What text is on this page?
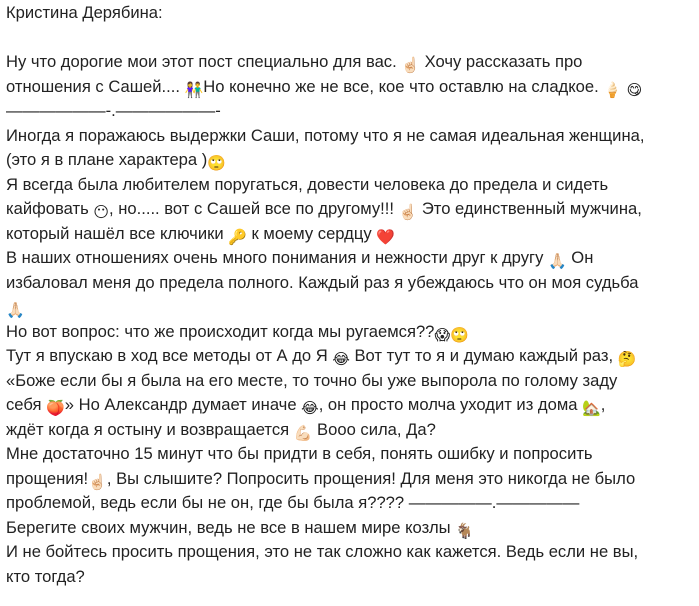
Кристина Дерябина:

Ну что дорогие мои этот пост специально для вас. ☝🏻 Хочу рассказать про

отношения с Сашей.... 👫Но конечно же не все, кое что оставлю на сладкое. 🍦 😋

——————-.——————-

Иногда я поражаюсь выдержки Саши, потому что я не самая идеальная женщина,

(это я в плане характера )🙄

Я всегда была любителем поругаться, довести человека до предела и сидеть

кайфовать 😶, но..... вот с Сашей все по другому!!! ☝🏻 Это единственный мужчина,

который нашёл все ключики 🔑 к моему сердцу ❤️

В наших отношениях очень много понимания и нежности друг к другу 🙏🏻 Он

избаловал меня до предела полного. Каждый раз я убеждаюсь что он моя судьба

🙏🏻

Но вот вопрос: что же происходит когда мы ругаемся??😱🙄

Тут я впускаю в ход все методы от А до Я 😂 Вот тут то я и думаю каждый раз, 🤔

«Боже если бы я была на его месте, то точно бы уже выпорола по голому заду

себя 🍑» Но Александр думает иначе 😂, он просто молча уходит из дома 🏡,

ждёт когда я остыну и возвращается 💪🏻 Вооо сила, Да?

Мне достаточно 15 минут что бы придти в себя, понять ошибку и попросить

прощения!☝🏻, Вы слышите? Попросить прощения! Для меня это никогда не было

проблемой, ведь если бы не он, где бы была я???? —————.—————

Берегите своих мужчин, ведь не все в нашем мире козлы 🐐

И не бойтесь просить прощения, это не так сложно как кажется. Ведь если не вы,

кто тогда?
